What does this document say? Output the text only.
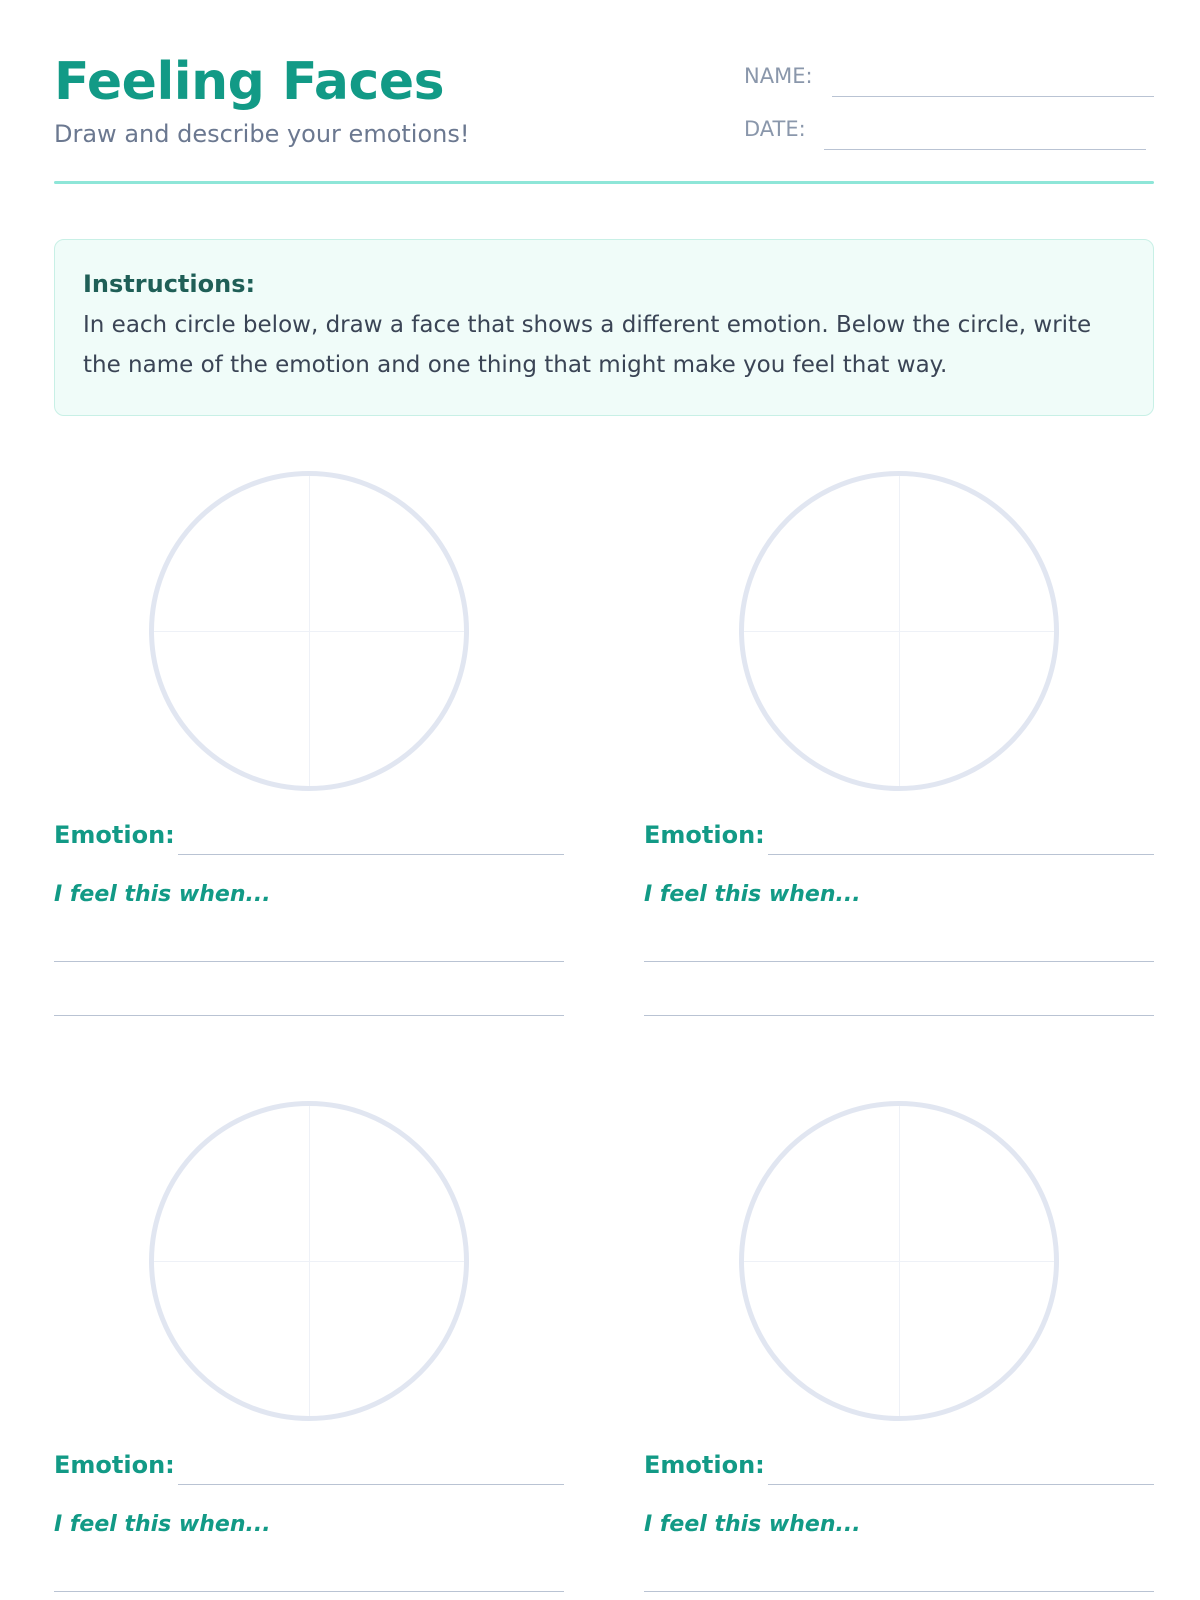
Feeling Faces
Draw and describe your emotions!
NAME:
DATE:
Instructions:
In each circle below, draw a face that shows a different emotion. Below the circle, write the name of the emotion and one thing that might make you feel that way.
Emotion:
I feel this when...
Emotion:
I feel this when...
Emotion:
I feel this when...
Emotion:
I feel this when...
